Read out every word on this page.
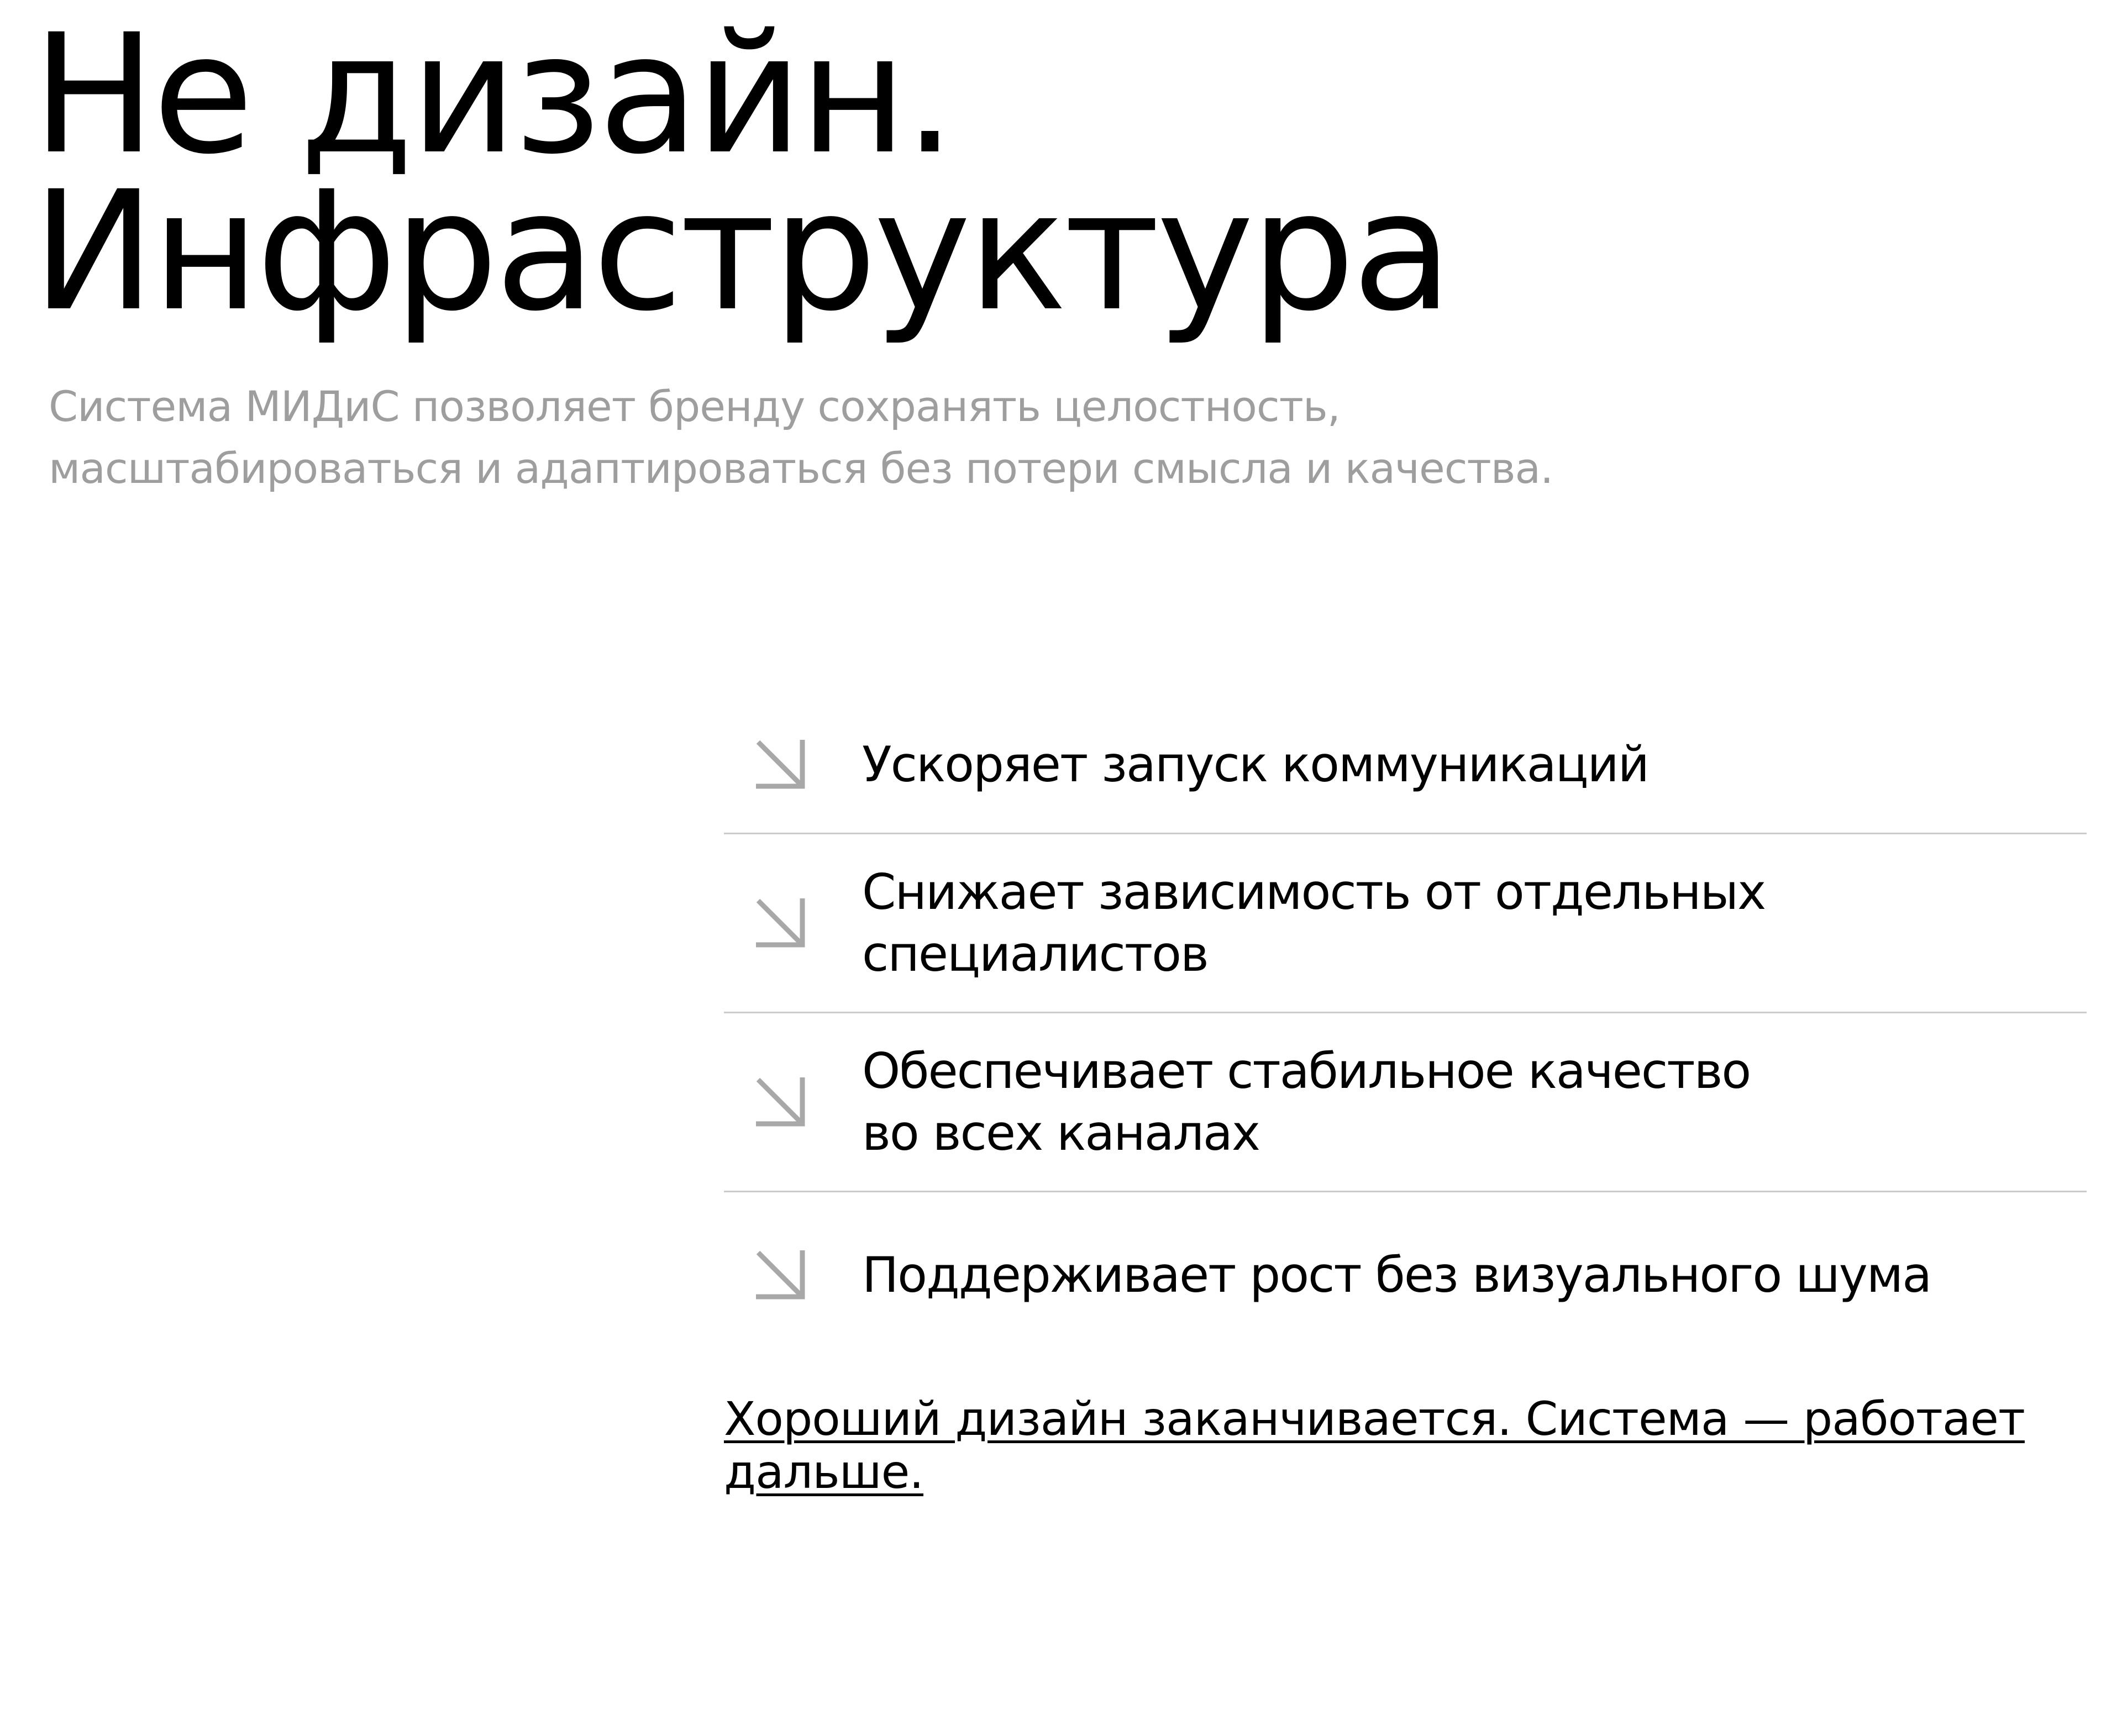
Не дизайн.
Инфраструктура

Система МИДиС позволяет бренду сохранять целостность,
масштабироваться и адаптироваться без потери смысла и качества.

Ускоряет запуск коммуникаций
Снижает зависимость от отдельных
специалистов
Обеспечивает стабильное качество
во всех каналах
Поддерживает рост без визуального шума
Хороший дизайн заканчивается. Система — работает дальше.
